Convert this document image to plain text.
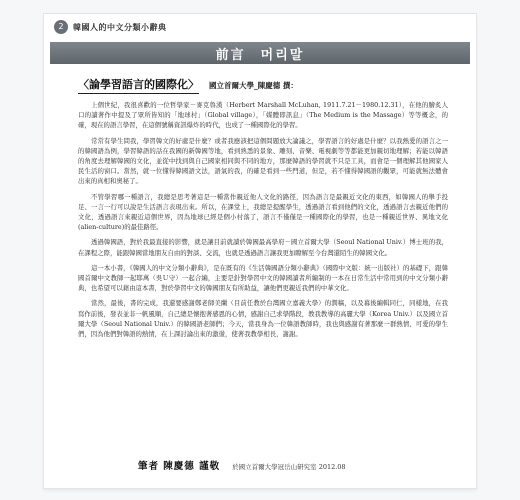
2	韓國人的中文分類小辭典
前言　머리말
〈論學習語言的國際化〉 國立首爾大學_陳慶德 撰：

上個世紀，我很喜歡的一位哲學家－麥克魯漢（Herbert Marshall McLuhan, 1911.7.21－1980.12.31），在他的膾炙人口的讀著作中提及了眾所皆知的「地球村」（Global village），「媒體即訊息」（The Medium is the Massage）等等概念，的確，現在的語言學習，在這個號稱資訊爆炸的時代，也成了一種國際化的學習。

常常有學生問我，學習韓文的好處是什麼？或者我應該把這個問題放大論議之，學習語言的好處是什麼？以我熱愛的語言之一的韓國語為例，學習韓語的話在我國的新韓國等地，看到熟悉的景象、雕刻、音樂、電視劇等等都能更加親切地理解；若能以韓語的角度去理解韓國的文化，並從中找到與自己國家相同與不同的地方，那麼韓語的學習就不只是工具，而會是一個理解其他國家人民生活的窗口。當然，就一位懂得韓國語文法，語氣的我，的確是看到一些門道，但是，若不懂得韓國語的觀眾，可能就無法體會出來的真相和奧秘了。

不管學習哪一種語言，我總是思考著這是一種當作親近他人文化的路徑，因為語言是最親近文化的東西，如韓國人的舉手投足、一言一行可以說是生活語言表現出來。所以，在課堂上，我總是提醒學生，透過語言看到他們的文化，透過語言去親近他們的文化，透過語言來親近這個世界，因為地球已經是個小村落了，語言不僅僅是一種國際化的學習，也是一種親近世界、異地文化(alien-culture)的最佳路徑。

透過韓國語，對於我最直接的影響，就是讓目前就讀於韓國最高學府－國立首爾大學（Seoul National Univ.）博士班的我，在課程之際，能跟韓國當地朋友自由的對談、交流，也就是透過語言讓我更加瞭解至今台灣還陌生的韓國文化。

這一本小書，《韓國人的中文分類小辭典》，是在既有的《生活韓國語分類小辭典》（國際中文版：統一出版社）的基礎下，跟韓國首爾中文教師一起耶萬（吳Ｕ守）一起合編，主要是針對學習中文的韓國讀者所編制的一本在日常生活中常用到的中文分類小辭典，也希望可以藉由這本書，對於學習中文的韓國朋友有所助益，讓他們更親近我們的中華文化。

當然，最後，書的完成，我還要感謝鄭老師美蘭（目前任教於台灣國立嘉義大學）的潤稿，以及幕後編輯同仁，同樣地，在我寫作前後，發表並非一帆風順，自己總是懷抱著感恩的心情，感謝自己求學階段，教我教導的高麗大學（Korea Univ.）以及國立首爾大學（Seoul National Univ.）的韓國語老師們；今天，當我身為一位韓語教師時，我也與感謝有著那麼一群熱情、可愛的學生們，因為他們對韓語的熱情，在上課討論出來的激盪，使著我教學相長，謝謝。

筆者 陳慶德 謹敬 於國立首爾大學冠岳山研究室 2012.08
